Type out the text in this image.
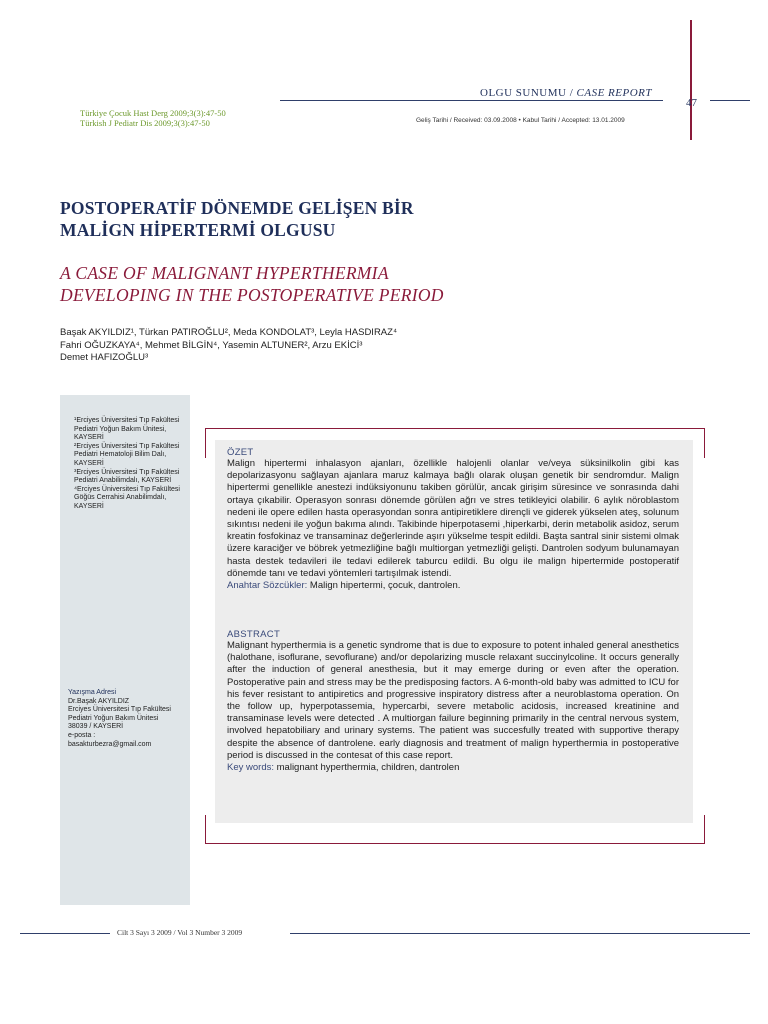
Türkiye Çocuk Hast Derg 2009;3(3):47-50
Türkish J Pediatr Dis 2009;3(3):47-50
OLGU SUNUMU / CASE REPORT
47
Geliş Tarihi / Received: 03.09.2008 • Kabul Tarihi / Accepted: 13.01.2009
POSTOPERATİF DÖNEMDE GELİŞEN BİR
MALİGN HİPERTERMİ OLGUSU
A CASE OF MALIGNANT HYPERTHERMIA
DEVELOPING IN THE POSTOPERATIVE PERIOD
Başak AKYILDIZ¹, Türkan PATIROĞLU², Meda KONDOLAT³, Leyla HASDIRAZ⁴
Fahri OĞUZKAYA⁴, Mehmet BİLGİN⁴, Yasemin ALTUNER², Arzu EKİCİ³
Demet HAFIZOĞLU³
¹Erciyes Üniversitesi Tıp Fakültesi Pediatri Yoğun Bakım Ünitesi, KAYSERİ
²Erciyes Üniversitesi Tıp Fakültesi Pediatri Hematoloji Bilim Dalı, KAYSERİ
³Erciyes Üniversitesi Tıp Fakültesi Pediatri Anabilimdalı, KAYSERİ
⁴Erciyes Üniversitesi Tıp Fakültesi Göğüs Cerrahisi Anabilimdalı, KAYSERİ
Yazışma Adresi
Dr.Başak AKYILDIZ
Erciyes Üniversitesi Tıp Fakültesi
Pediatri Yoğun Bakım Ünitesi
38039 / KAYSERİ
e-posta :
basakturbezra@gmail.com
ÖZET
Malign hipertermi inhalasyon ajanları, özellikle halojenli olanlar ve/veya süksinilkolin gibi kas depolarizasyonu sağlayan ajanlara maruz kalmaya bağlı olarak oluşan genetik bir sendromdur. Malign hipertermi genellikle anestezi indüksiyonunu takiben görülür, ancak girişim süresince ve sonrasında dahi ortaya çıkabilir. Operasyon sonrası dönemde görülen ağrı ve stres tetikleyici olabilir. 6 aylık nöroblastom nedeni ile opere edilen hasta operasyondan sonra antipiretiklere dirençli ve giderek yükselen ateş, solunum sıkıntısı nedeni ile yoğun bakıma alındı. Takibinde hiperpotasemi ,hiperkarbi, derin metabolik asidoz, serum kreatin fosfokinaz ve transaminaz değerlerinde aşırı yükselme tespit edildi. Başta santral sinir sistemi olmak üzere karaciğer ve böbrek yetmezliğine bağlı multiorgan yetmezliği gelişti. Dantrolen sodyum bulunamayan hasta destek tedavileri ile tedavi edilerek taburcu edildi. Bu olgu ile malign hipertermide postoperatif dönemde tanı ve tedavi yöntemleri tartışılmak istendi.
Anahtar Sözcükler: Malign hipertermi, çocuk, dantrolen.
ABSTRACT
Malignant hyperthermia is a genetic syndrome that is due to exposure to potent inhaled general anesthetics (halothane, isoflurane, sevoflurane) and/or depolarizing muscle relaxant succinylcoline. It occurs generally after the induction of general anesthesia, but it may emerge during or even after the operation. Postoperative pain and stress may be the predisposing factors. A 6-month-old baby was admitted to ICU for his fever resistant to antipiretics and progressive inspiratory distress after a neuroblastoma operation. On the follow up, hyperpotassemia, hypercarbi, severe metabolic acidosis, increased kreatinine and transaminase levels were detected . A multiorgan failure beginning primarily in the central nervous system, involved hepatobiliary and urinary systems. The patient was succesfully treated with supportive therapy despite the absence of dantrolene. early diagnosis and treatment of malign hyperthermia in postoperative period is discussed in the contesat of this case report.
Key words: malignant hyperthermia, children, dantrolen
Cilt 3 Sayı 3 2009 / Vol 3 Number 3 2009
